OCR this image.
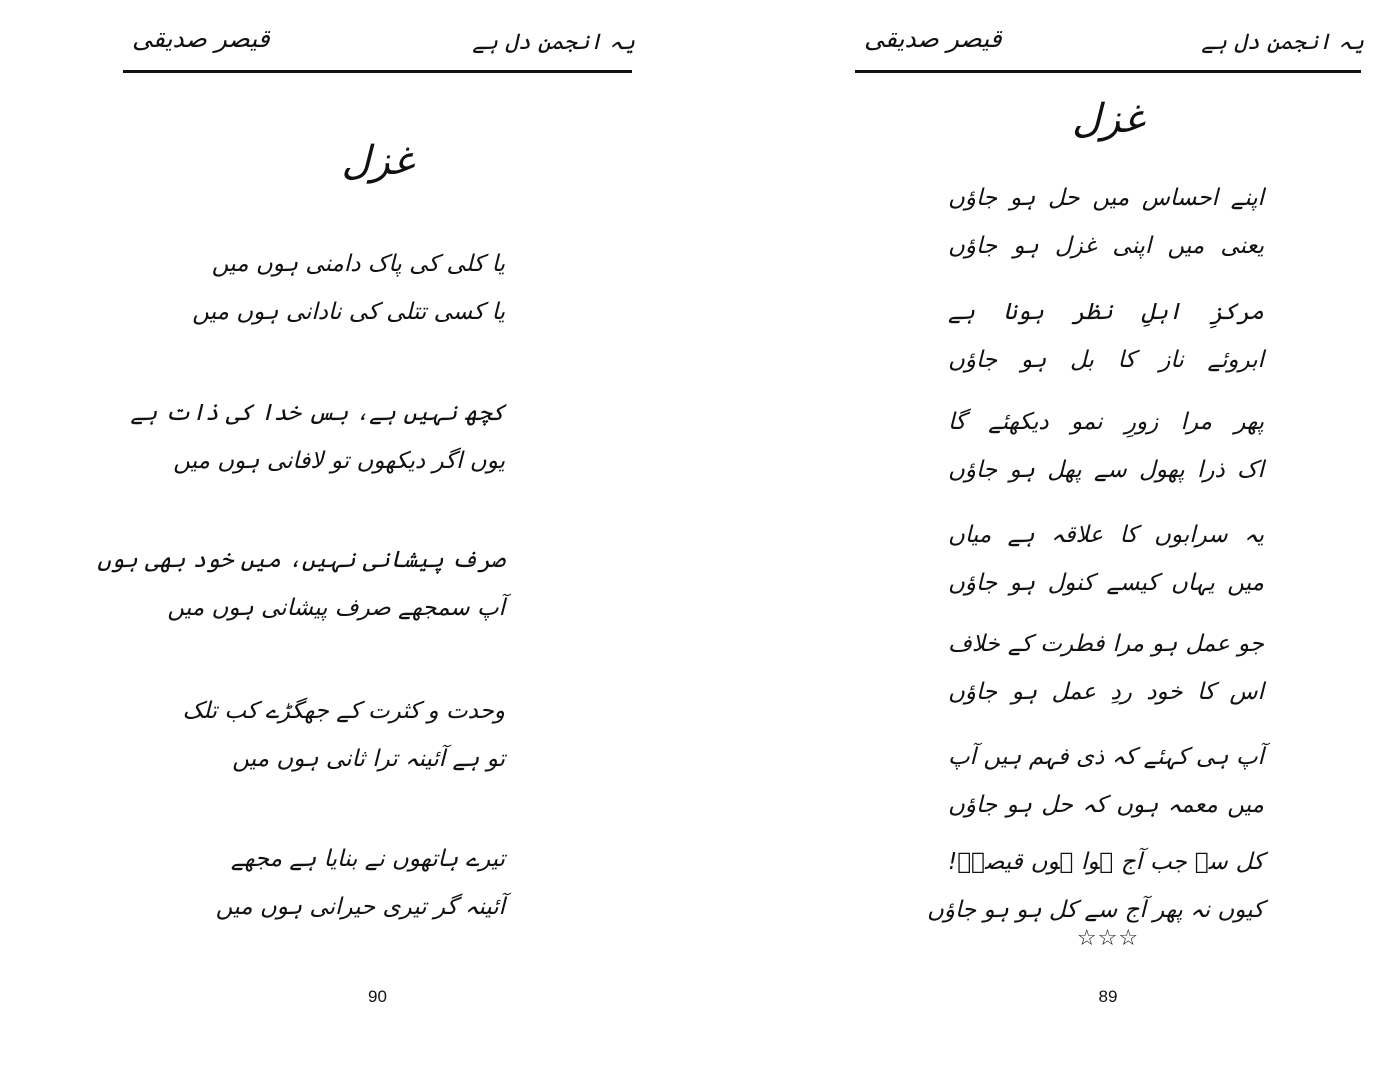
قیصر صدیقی	یہ انجمن دل ہے
غزل
یا کلی کی پاک دامنی ہوں میں
یا کسی تتلی کی نادانی ہوں میں
کچھ نہیں ہے، بس خدا کی ذات ہے
یوں اگر دیکھوں تو لافانی ہوں میں
صرف پیشانی نہیں، میں خود بھی ہوں
آپ سمجھے صرف پیشانی ہوں میں
وحدت و کثرت کے جھگڑے کب تلک
تو ہے آئینہ ترا ثانی ہوں میں
تیرے ہاتھوں نے بنایا ہے مجھے
آئینہ گر تیری حیرانی ہوں میں
90
قیصر صدیقی	یہ انجمن دل ہے
غزل
اپنے احساس میں حل ہو جاؤں
یعنی میں اپنی غزل ہو جاؤں
مرکزِ اہلِ نظر ہونا ہے
ابروئے ناز کا بل ہو جاؤں
پھر مرا زورِ نمو دیکھئے گا
اک ذرا پھول سے پھل ہو جاؤں
یہ سرابوں کا علاقہ ہے میاں
میں یہاں کیسے کنول ہو جاؤں
جو عمل ہو مرا فطرت کے خلاف
اس کا خود ردِ عمل ہو جاؤں
آپ ہی کہئے کہ ذی فہم ہیں آپ
میں معمہ ہوں کہ حل ہو جاؤں
کل سے جب آج ہوا ہوں قیصرؔ!
کیوں نہ پھر آج سے کل ہو ہو جاؤں
☆☆☆
89
